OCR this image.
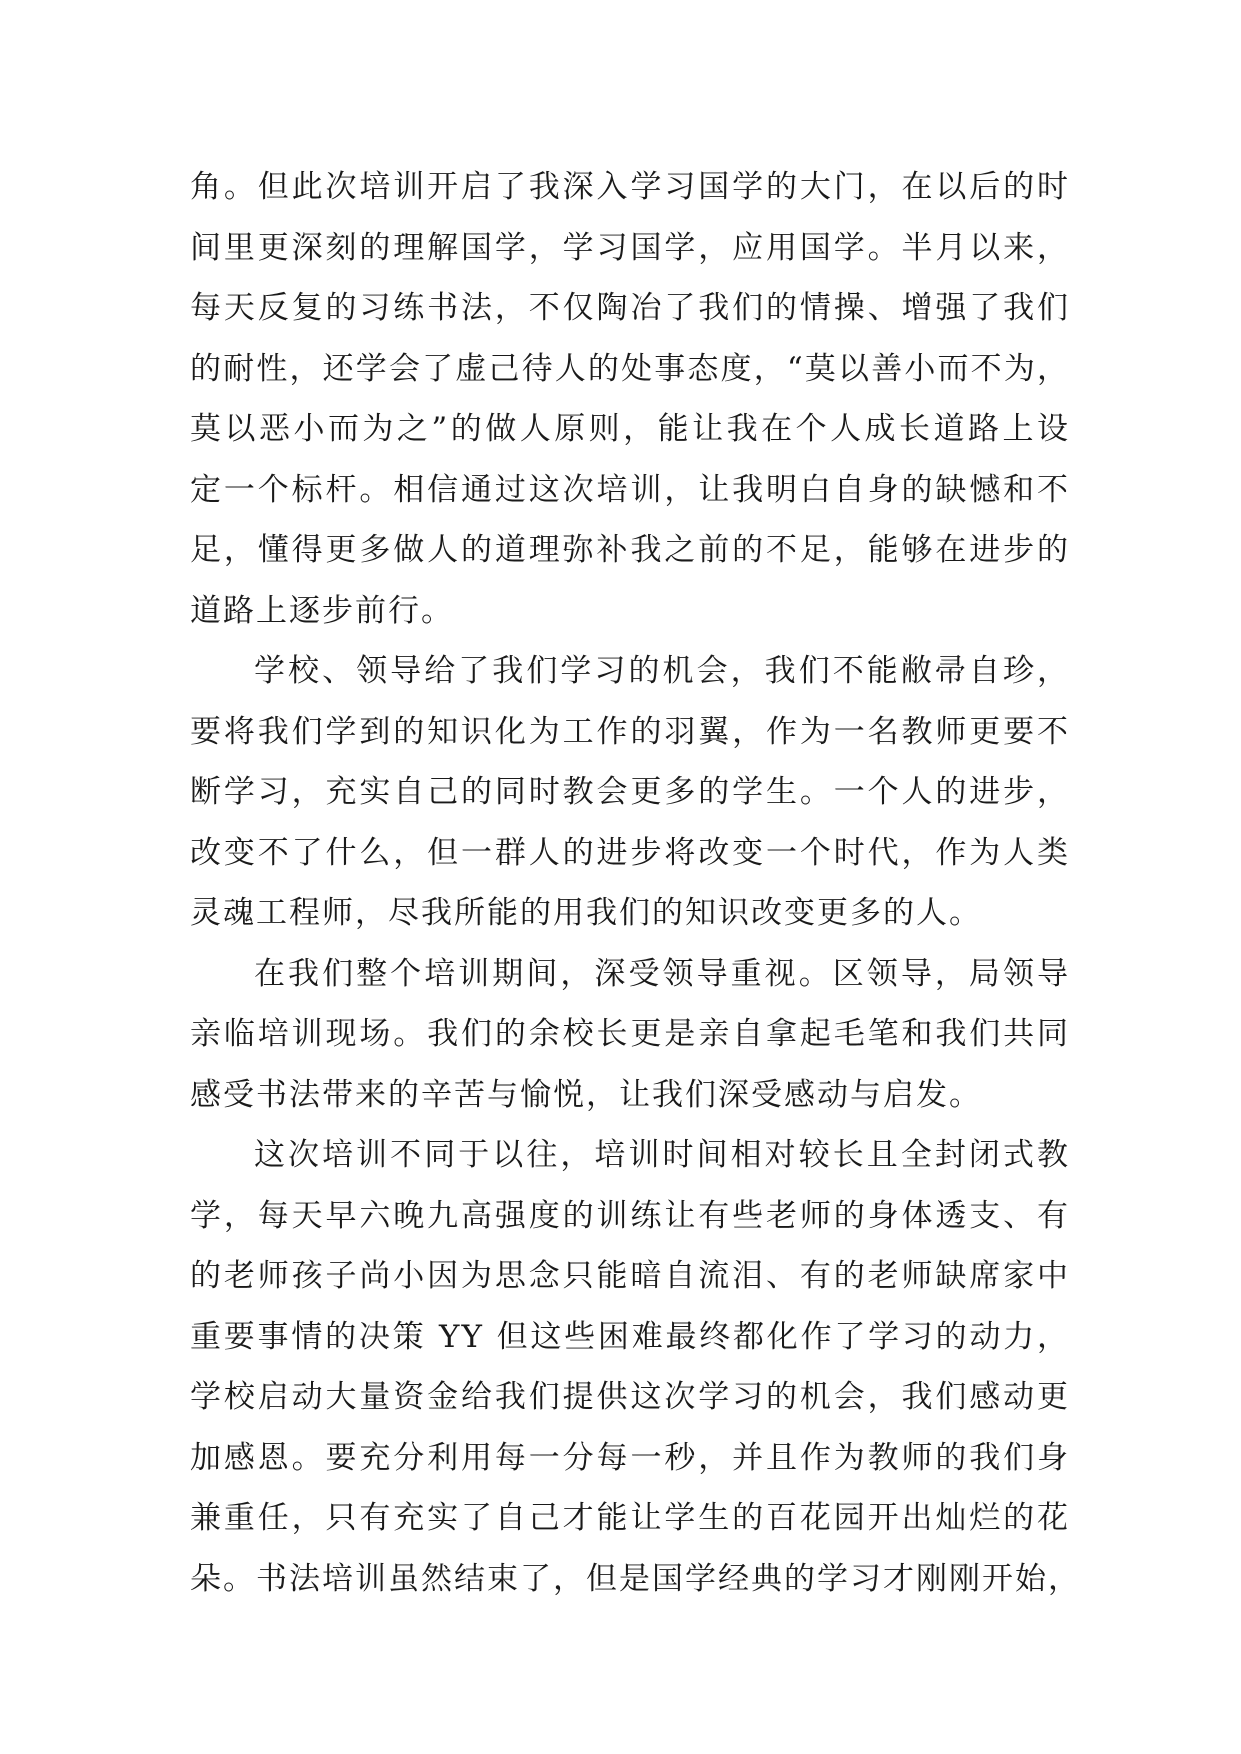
角。但此次培训开启了我深入学习国学的大门，在以后的时
间里更深刻的理解国学，学习国学，应用国学。半月以来，
每天反复的习练书法，不仅陶冶了我们的情操、增强了我们
的耐性，还学会了虚己待人的处事态度，“莫以善小而不为，
莫以恶小而为之”的做人原则，能让我在个人成长道路上设
定一个标杆。相信通过这次培训，让我明白自身的缺憾和不
足，懂得更多做人的道理弥补我之前的不足，能够在进步的
道路上逐步前行。
学校、领导给了我们学习的机会，我们不能敝帚自珍，
要将我们学到的知识化为工作的羽翼，作为一名教师更要不
断学习，充实自己的同时教会更多的学生。一个人的进步，
改变不了什么，但一群人的进步将改变一个时代，作为人类
灵魂工程师，尽我所能的用我们的知识改变更多的人。
在我们整个培训期间，深受领导重视。区领导，局领导
亲临培训现场。我们的余校长更是亲自拿起毛笔和我们共同
感受书法带来的辛苦与愉悦，让我们深受感动与启发。
这次培训不同于以往，培训时间相对较长且全封闭式教
学，每天早六晚九高强度的训练让有些老师的身体透支、有
的老师孩子尚小因为思念只能暗自流泪、有的老师缺席家中
重要事情的决策 YY 但这些困难最终都化作了学习的动力，
学校启动大量资金给我们提供这次学习的机会，我们感动更
加感恩。要充分利用每一分每一秒，并且作为教师的我们身
兼重任，只有充实了自己才能让学生的百花园开出灿烂的花
朵。书法培训虽然结束了，但是国学经典的学习才刚刚开始，
